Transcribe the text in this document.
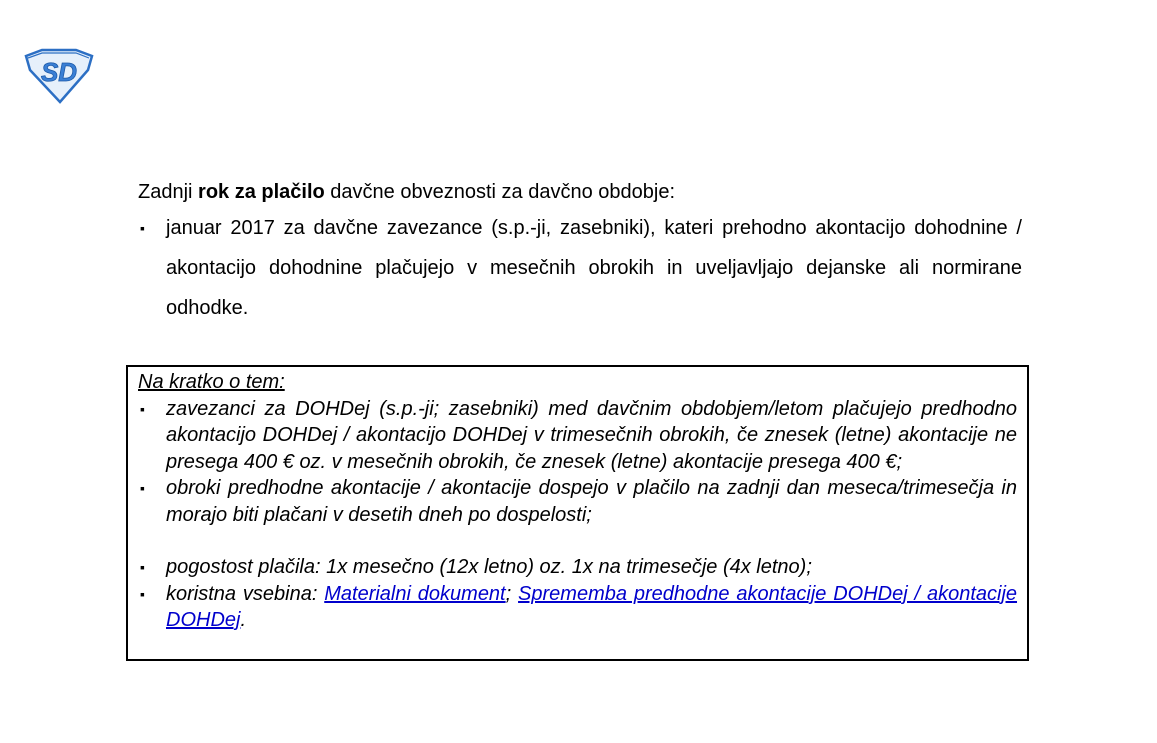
SD

Zadnji rok za plačilo davčne obveznosti za davčno obdobje:

▪ januar 2017 za davčne zavezance (s.p.-ji, zasebniki), kateri prehodno akontacijo dohodnine / akontacijo dohodnine plačujejo v mesečnih obrokih in uveljavljajo dejanske ali normirane odhodke.

Na kratko o tem:

▪ zavezanci za DOHDej (s.p.-ji; zasebniki) med davčnim obdobjem/letom plačujejo predhodno akontacijo DOHDej / akontacijo DOHDej v trimesečnih obrokih, če znesek (letne) akontacije ne presega 400 € oz. v mesečnih obrokih, če znesek (letne) akontacije presega 400 €;
▪ obroki predhodne akontacije / akontacije dospejo v plačilo na zadnji dan meseca/trimesečja in morajo biti plačani v desetih dneh po dospelosti;
▪ pogostost plačila: 1x mesečno (12x letno) oz. 1x na trimesečje (4x letno);
▪ koristna vsebina: Materialni dokument; Sprememba predhodne akontacije DOHDej / akontacije DOHDej.
